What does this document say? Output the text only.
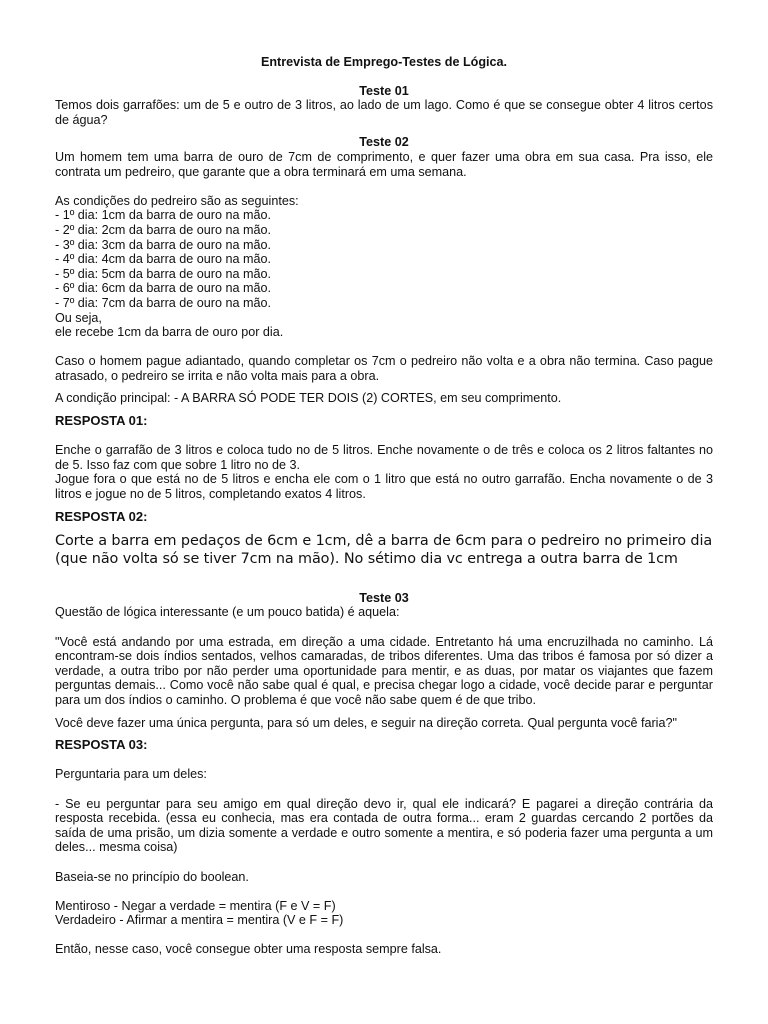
Entrevista de Emprego-Testes de Lógica.

Teste 01

Temos dois garrafões: um de 5 e outro de 3 litros, ao lado de um lago. Como é que se consegue obter 4 litros certos de água?

Teste 02

Um homem tem uma barra de ouro de 7cm de comprimento, e quer fazer uma obra em sua casa. Pra isso, ele contrata um pedreiro, que garante que a obra terminará em uma semana.

As condições do pedreiro são as seguintes:

- 1º dia: 1cm da barra de ouro na mão.
- 2º dia: 2cm da barra de ouro na mão.
- 3º dia: 3cm da barra de ouro na mão.
- 4º dia: 4cm da barra de ouro na mão.
- 5º dia: 5cm da barra de ouro na mão.
- 6º dia: 6cm da barra de ouro na mão.
- 7º dia: 7cm da barra de ouro na mão.

Ou seja,

ele recebe 1cm da barra de ouro por dia.

Caso o homem pague adiantado, quando completar os 7cm o pedreiro não volta e a obra não termina. Caso pague atrasado, o pedreiro se irrita e não volta mais para a obra.

A condição principal: - A BARRA SÓ PODE TER DOIS (2) CORTES, em seu comprimento.

RESPOSTA 01:

Enche o garrafão de 3 litros e coloca tudo no de 5 litros. Enche novamente o de três e coloca os 2 litros faltantes no de 5. Isso faz com que sobre 1 litro no de 3.

Jogue fora o que está no de 5 litros e encha ele com o 1 litro que está no outro garrafão. Encha novamente o de 3 litros e jogue no de 5 litros, completando exatos 4 litros.

RESPOSTA 02:

Corte a barra em pedaços de 6cm e 1cm, dê a barra de 6cm para o pedreiro no primeiro dia (que não volta só se tiver 7cm na mão). No sétimo dia vc entrega a outra barra de 1cm

Teste 03

Questão de lógica interessante (e um pouco batida) é aquela:

"Você está andando por uma estrada, em direção a uma cidade. Entretanto há uma encruzilhada no caminho. Lá encontram-se dois índios sentados, velhos camaradas, de tribos diferentes. Uma das tribos é famosa por só dizer a verdade, a outra tribo por não perder uma oportunidade para mentir, e as duas, por matar os viajantes que fazem perguntas demais... Como você não sabe qual é qual, e precisa chegar logo a cidade, você decide parar e perguntar para um dos índios o caminho. O problema é que você não sabe quem é de que tribo.

Você deve fazer uma única pergunta, para só um deles, e seguir na direção correta. Qual pergunta você faria?"

RESPOSTA 03:

Perguntaria para um deles:

- Se eu perguntar para seu amigo em qual direção devo ir, qual ele indicará? E pagarei a direção contrária da resposta recebida. (essa eu conhecia, mas era contada de outra forma... eram 2 guardas cercando 2 portões da saída de uma prisão, um dizia somente a verdade e outro somente a mentira, e só poderia fazer uma pergunta a um deles... mesma coisa)

Baseia-se no princípio do boolean.

Mentiroso - Negar a verdade = mentira (F e V = F)

Verdadeiro - Afirmar a mentira = mentira (V e F = F)

Então, nesse caso, você consegue obter uma resposta sempre falsa.
